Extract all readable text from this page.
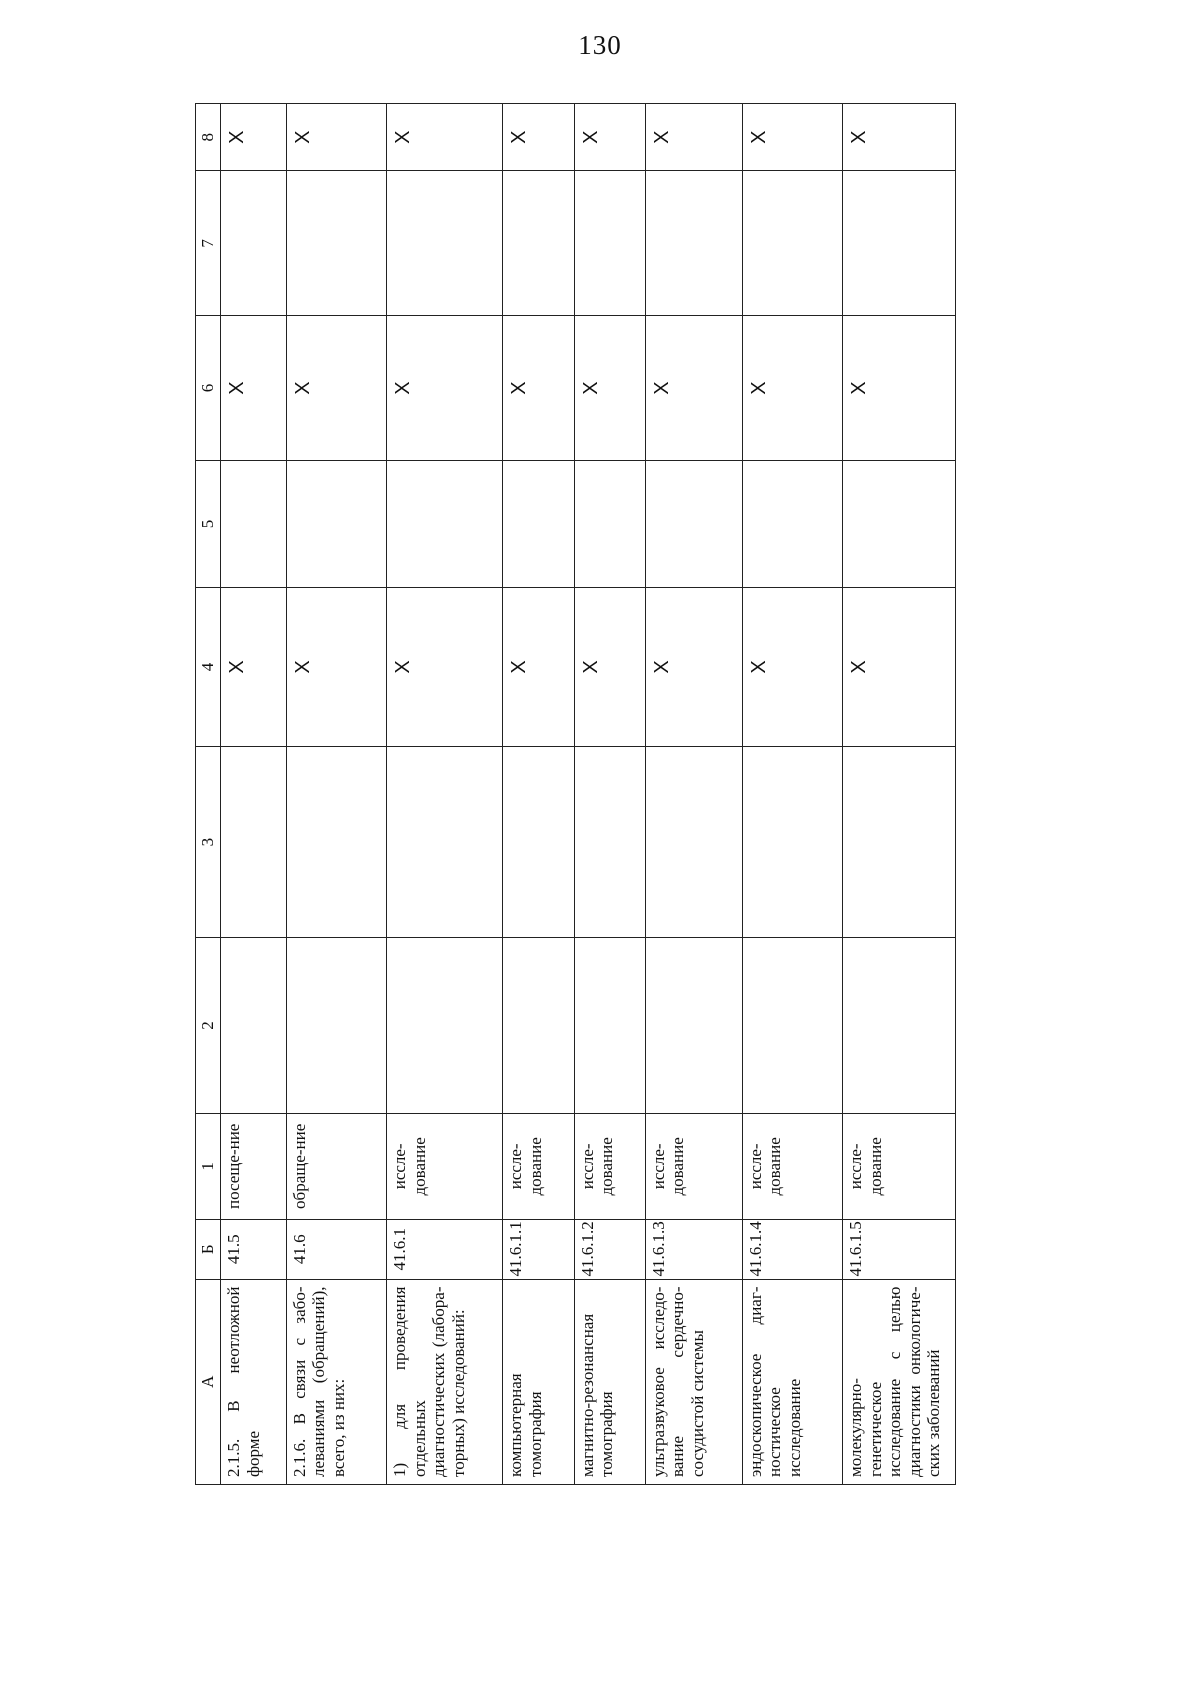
130
А	Б	1	2	3	4	5	6	7	8
2.1.5. В неотложной форме	41.5	посеще-ние			X		X		X
2.1.6. В связи с забо-леваниями (обращений), всего, из них:	41.6	обраще-ние			X		X		X
1) для проведения отдельных диагностических (лабора-торных) исследований:	41.6.1	иссле-дование			X		X		X
компьютерная томография	41.6.1.1	иссле-дование			X		X		X
магнитно-резонансная томография	41.6.1.2	иссле-дование			X		X		X
ультразвуковое исследо-вание сердечно-сосудистой системы	41.6.1.3	иссле-дование			X		X		X
эндоскопическое диаг-ностическое исследование	41.6.1.4	иссле-дование			X		X		X
молекулярно-генетическое исследование с целью диагностики онкологиче-ских заболеваний	41.6.1.5	иссле-дование			X		X		X
